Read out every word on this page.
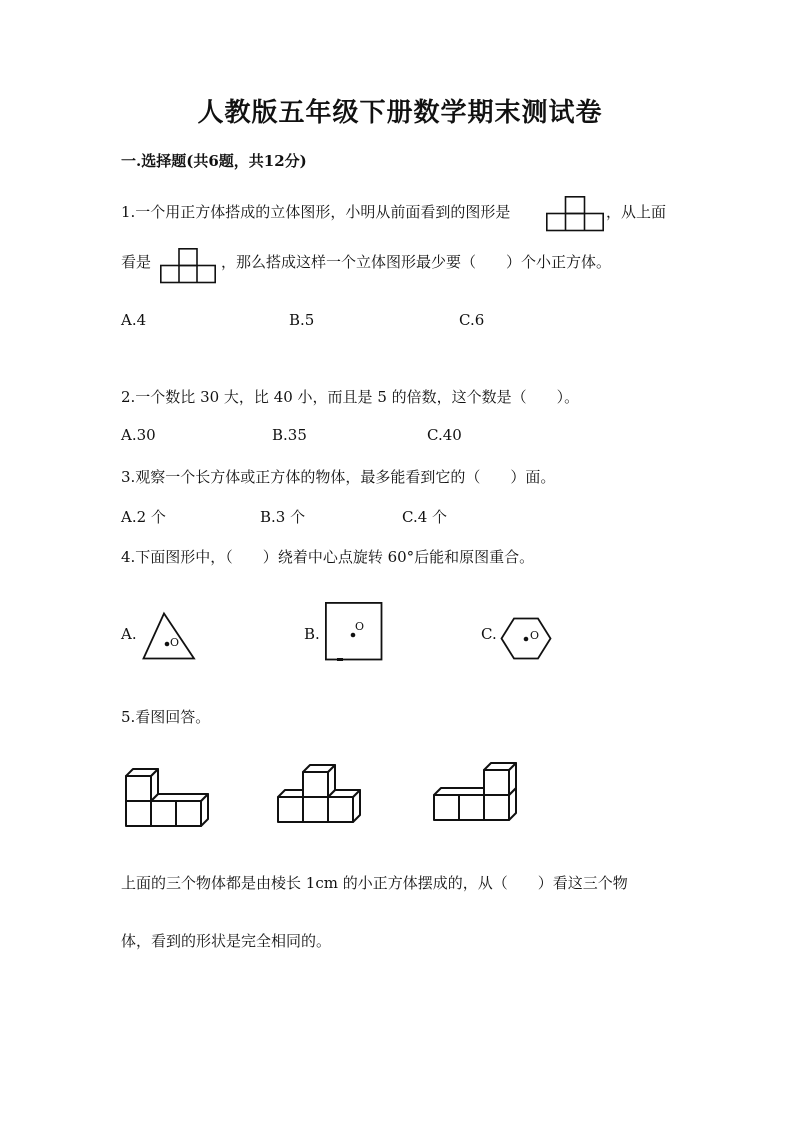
人教版五年级下册数学期末测试卷
一.选择题(共6题，共12分)
1.一个用正方体搭成的立体图形，小明从前面看到的图形是	，从上面
看是	，那么搭成这样一个立体图形最少要（　　）个小正方体。
A.4	B.5	C.6
2.一个数比 30 大，比 40 小，而且是 5 的倍数，这个数是（　　）。
A.30	B.35	C.40
3.观察一个长方体或正方体的物体，最多能看到它的（　　）面。
A.2 个	B.3 个	C.4 个
4.下面图形中，（　　）绕着中心点旋转 60°后能和原图重合。
A.	O	B.	O	C.	O
5.看图回答。
上面的三个物体都是由棱长 1cm 的小正方体摆成的，从（　　）看这三个物
体，看到的形状是完全相同的。
